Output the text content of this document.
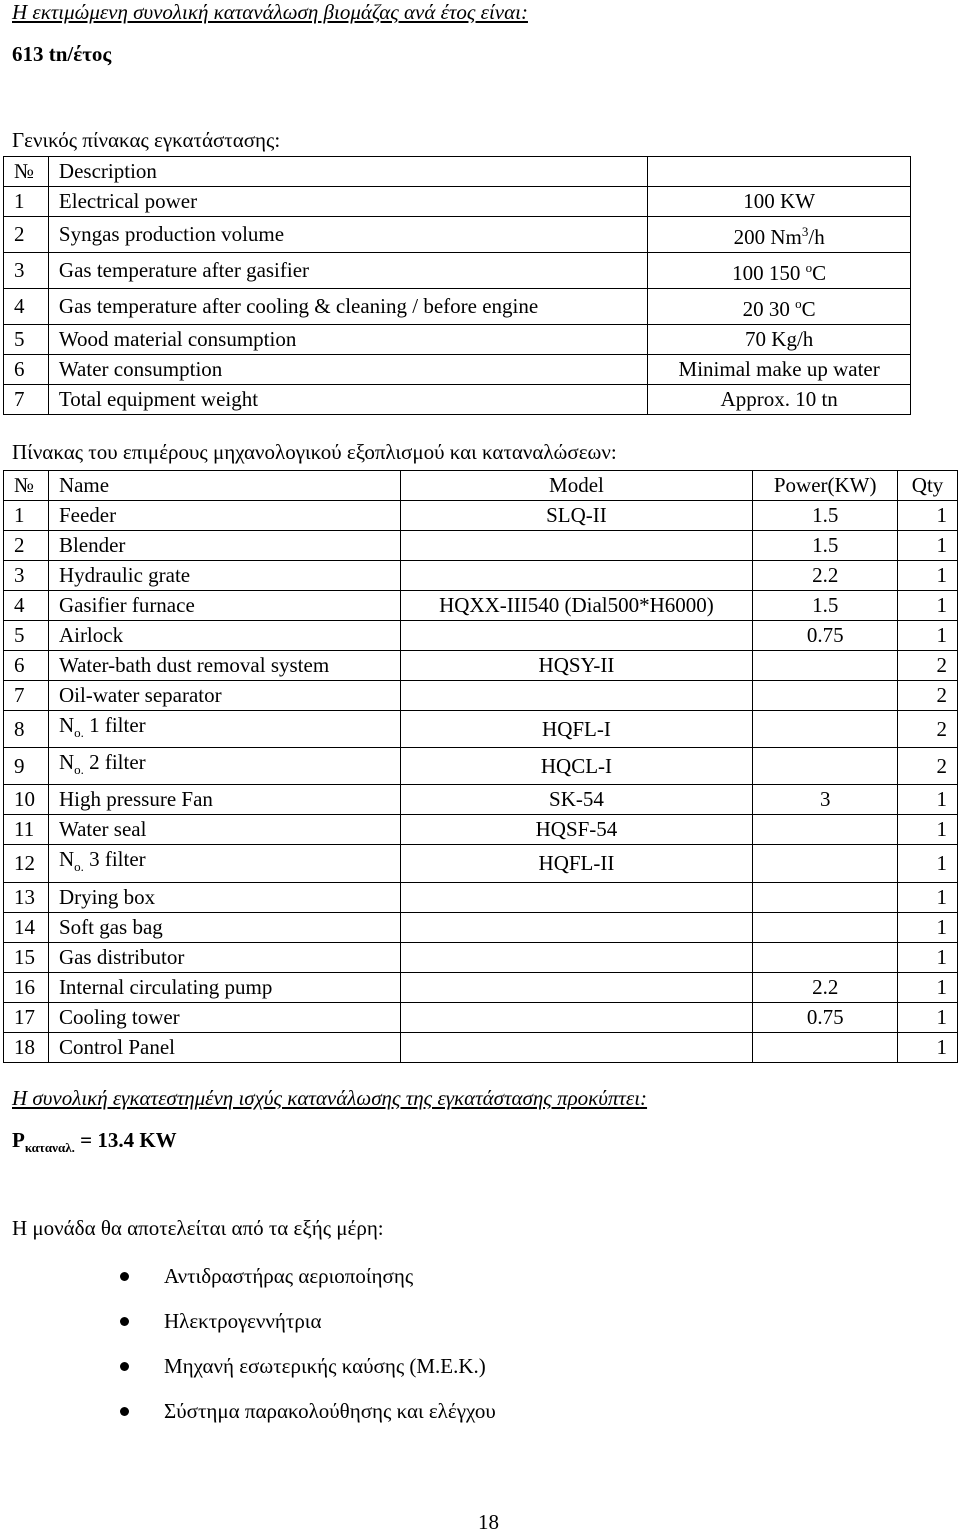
Η εκτιμώμενη συνολική κατανάλωση βιομάζας ανά έτος είναι:
613 tn/έτος
Γενικός πίνακας εγκατάστασης:
№	Description	
1	Electrical power	100 KW
2	Syngas production volume	200 Nm$^3$/h
3	Gas temperature after gasifier	100 150 $^o$C
4	Gas temperature after cooling & cleaning / before engine	20 30 $^o$C
5	Wood material consumption	70 Kg/h
6	Water consumption	Minimal make up water
7	Total equipment weight	Approx. 10 tn
Πίνακας του επιμέρους μηχανολογικού εξοπλισμού και καταναλώσεων:
№	Name	Model	Power(KW)	Qty
1	Feeder	SLQ-II	1.5	1
2	Blender		1.5	1
3	Hydraulic grate		2.2	1
4	Gasifier furnace	HQXX-III540 (Dial500*H6000)	1.5	1
5	Airlock		0.75	1
6	Water-bath dust removal system	HQSY-II		2
7	Oil-water separator			2
8	$N_{o.}$ 1 filter	HQFL-I		2
9	$N_{o.}$ 2 filter	HQCL-I		2
10	High pressure Fan	SK-54	3	1
11	Water seal	HQSF-54		1
12	$N_{o.}$ 3 filter	HQFL-II		1
13	Drying box			1
14	Soft gas bag			1
15	Gas distributor			1
16	Internal circulating pump		2.2	1
17	Cooling tower		0.75	1
18	Control Panel			1
Η συνολική εγκατεστημένη ισχύς κατανάλωσης της εγκατάστασης προκύπτει:
$P_{\kappa\alpha\tau\alpha\nu\alpha\lambda.} = 13.4$ KW
Η μονάδα θα αποτελείται από τα εξής μέρη:
Αντιδραστήρας αεριοποίησης
Ηλεκτρογεννήτρια
Μηχανή εσωτερικής καύσης (Μ.Ε.Κ.)
Σύστημα παρακολούθησης και ελέγχου
18
